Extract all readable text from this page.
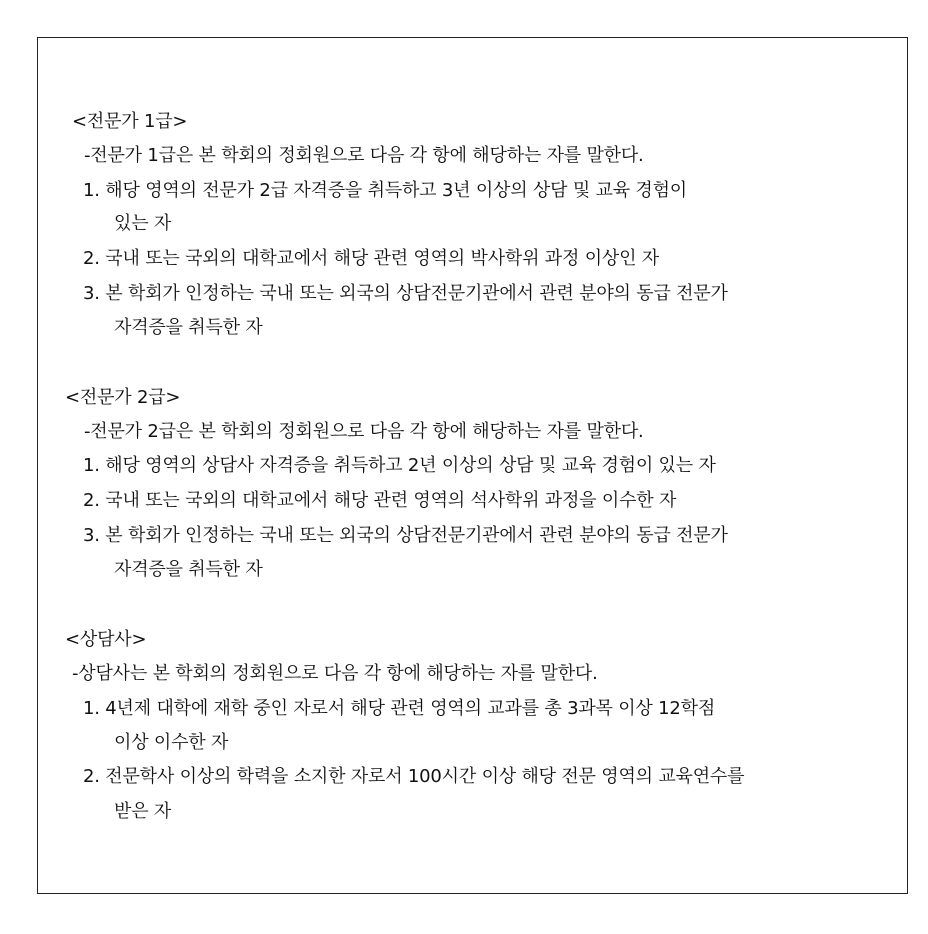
<전문가 1급>
-전문가 1급은 본 학회의 정회원으로 다음 각 항에 해당하는 자를 말한다.
1. 해당 영역의 전문가 2급 자격증을 취득하고 3년 이상의 상담 및 교육 경험이
있는 자
2. 국내 또는 국외의 대학교에서 해당 관련 영역의 박사학위 과정 이상인 자
3. 본 학회가 인정하는 국내 또는 외국의 상담전문기관에서 관련 분야의 동급 전문가
자격증을 취득한 자
<전문가 2급>
-전문가 2급은 본 학회의 정회원으로 다음 각 항에 해당하는 자를 말한다.
1. 해당 영역의 상담사 자격증을 취득하고 2년 이상의 상담 및 교육 경험이 있는 자
2. 국내 또는 국외의 대학교에서 해당 관련 영역의 석사학위 과정을 이수한 자
3. 본 학회가 인정하는 국내 또는 외국의 상담전문기관에서 관련 분야의 동급 전문가
자격증을 취득한 자
<상담사>
-상담사는 본 학회의 정회원으로 다음 각 항에 해당하는 자를 말한다.
1. 4년제 대학에 재학 중인 자로서 해당 관련 영역의 교과를 총 3과목 이상 12학점
이상 이수한 자
2. 전문학사 이상의 학력을 소지한 자로서 100시간 이상 해당 전문 영역의 교육연수를
받은 자
